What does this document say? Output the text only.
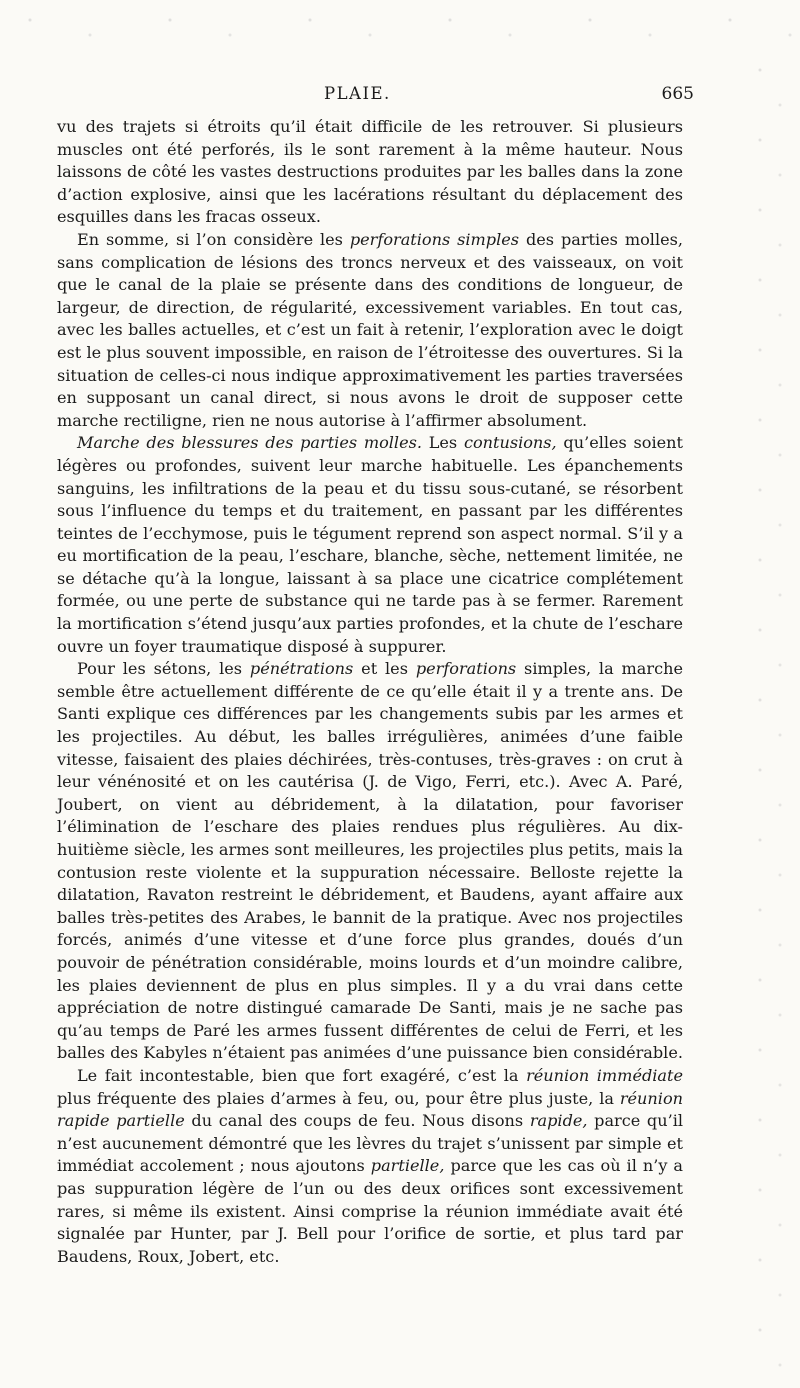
PLAIE.	665

vu des trajets si étroits qu’il était difficile de les retrouver. Si plusieurs muscles ont été perforés, ils le sont rarement à la même hauteur. Nous laissons de côté les vastes destructions produites par les balles dans la zone d’action explosive, ainsi que les lacérations résultant du déplacement des esquilles dans les fracas osseux.

En somme, si l’on considère les perforations simples des parties molles, sans complication de lésions des troncs nerveux et des vaisseaux, on voit que le canal de la plaie se présente dans des conditions de longueur, de largeur, de direction, de régularité, excessivement variables. En tout cas, avec les balles actuelles, et c’est un fait à retenir, l’exploration avec le doigt est le plus souvent impossible, en raison de l’étroitesse des ouvertures. Si la situation de celles-ci nous indique approximativement les parties traversées en supposant un canal direct, si nous avons le droit de supposer cette marche rectiligne, rien ne nous autorise à l’affirmer absolument.

Marche des blessures des parties molles. Les contusions, qu’elles soient légères ou profondes, suivent leur marche habituelle. Les épanchements sanguins, les infiltrations de la peau et du tissu sous-cutané, se résorbent sous l’influence du temps et du traitement, en passant par les différentes teintes de l’ecchymose, puis le tégument reprend son aspect normal. S’il y a eu mortification de la peau, l’eschare, blanche, sèche, nettement limitée, ne se détache qu’à la longue, laissant à sa place une cicatrice complétement formée, ou une perte de substance qui ne tarde pas à se fermer. Rarement la mortification s’étend jusqu’aux parties profondes, et la chute de l’eschare ouvre un foyer traumatique disposé à suppurer.

Pour les sétons, les pénétrations et les perforations simples, la marche semble être actuellement différente de ce qu’elle était il y a trente ans. De Santi explique ces différences par les changements subis par les armes et les projectiles. Au début, les balles irrégulières, animées d’une faible vitesse, faisaient des plaies déchirées, très-contuses, très-graves : on crut à leur vénénosité et on les cautérisa (J. de Vigo, Ferri, etc.). Avec A. Paré, Joubert, on vient au débridement, à la dilatation, pour favoriser l’élimination de l’eschare des plaies rendues plus régulières. Au dix-huitième siècle, les armes sont meilleures, les projectiles plus petits, mais la contusion reste violente et la suppuration nécessaire. Belloste rejette la dilatation, Ravaton restreint le débridement, et Baudens, ayant affaire aux balles très-petites des Arabes, le bannit de la pratique. Avec nos projectiles forcés, animés d’une vitesse et d’une force plus grandes, doués d’un pouvoir de pénétration considérable, moins lourds et d’un moindre calibre, les plaies deviennent de plus en plus simples. Il y a du vrai dans cette appréciation de notre distingué camarade De Santi, mais je ne sache pas qu’au temps de Paré les armes fussent différentes de celui de Ferri, et les balles des Kabyles n’étaient pas animées d’une puissance bien considérable.

Le fait incontestable, bien que fort exagéré, c’est la réunion immédiate plus fréquente des plaies d’armes à feu, ou, pour être plus juste, la réunion rapide partielle du canal des coups de feu. Nous disons rapide, parce qu’il n’est aucunement démontré que les lèvres du trajet s’unissent par simple et immédiat accolement ; nous ajoutons partielle, parce que les cas où il n’y a pas suppuration légère de l’un ou des deux orifices sont excessivement rares, si même ils existent. Ainsi comprise la réunion immédiate avait été signalée par Hunter, par J. Bell pour l’orifice de sortie, et plus tard par Baudens, Roux, Jobert, etc.
